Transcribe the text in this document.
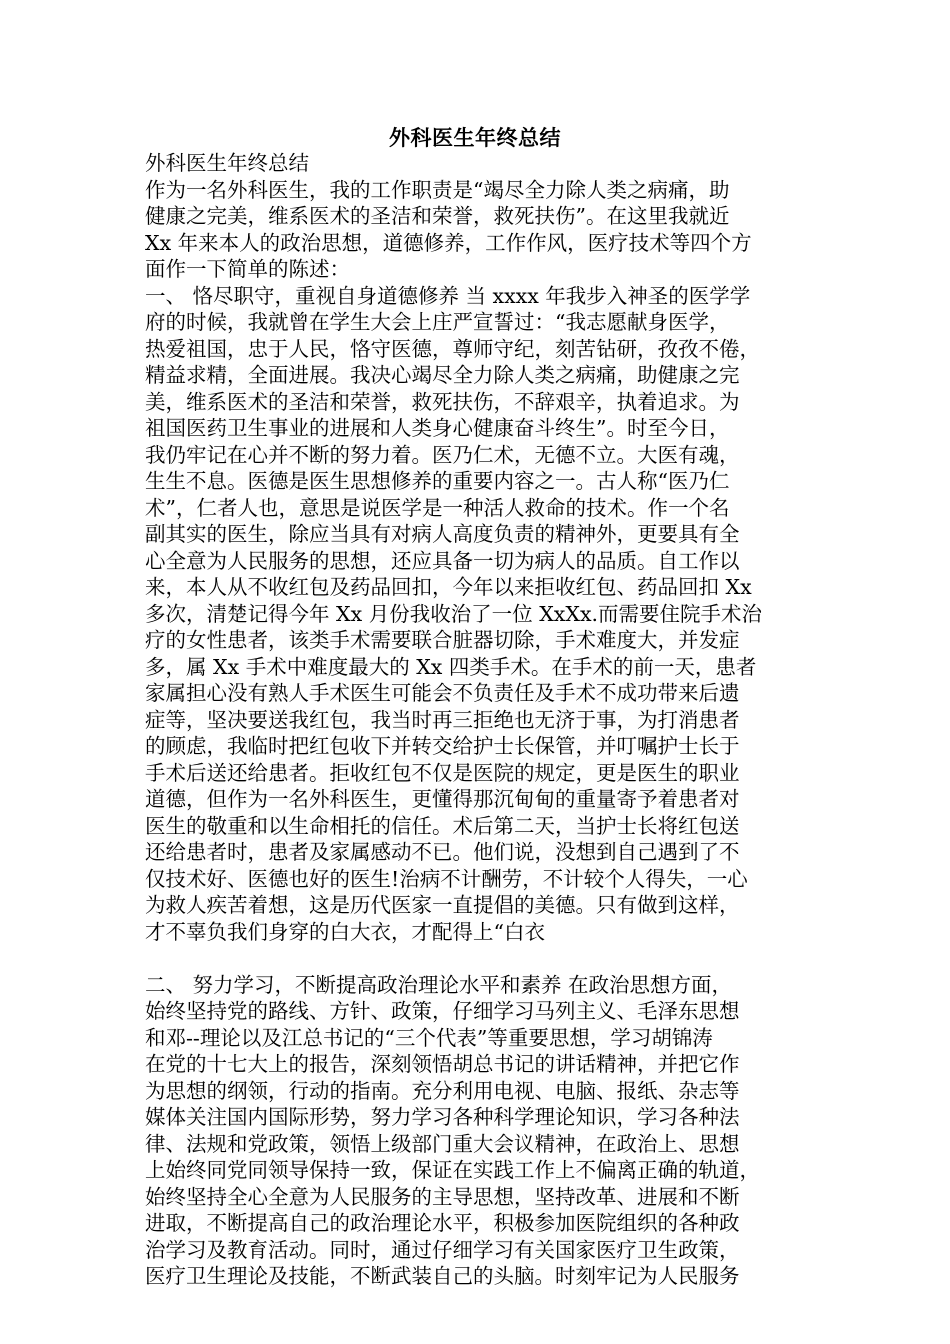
外科医生年终总结
外科医生年终总结
作为一名外科医生，我的工作职责是“竭尽全力除人类之病痛，助
健康之完美，维系医术的圣洁和荣誉，救死扶伤”。在这里我就近
Xx 年来本人的政治思想，道德修养，工作作风，医疗技术等四个方
面作一下简单的陈述：
一、 恪尽职守，重视自身道德修养 当 xxxx 年我步入神圣的医学学
府的时候，我就曾在学生大会上庄严宣誓过：“我志愿献身医学，
热爱祖国，忠于人民，恪守医德，尊师守纪，刻苦钻研，孜孜不倦，
精益求精，全面进展。我决心竭尽全力除人类之病痛，助健康之完
美，维系医术的圣洁和荣誉，救死扶伤，不辞艰辛，执着追求。为
祖国医药卫生事业的进展和人类身心健康奋斗终生”。时至今日，
我仍牢记在心并不断的努力着。医乃仁术，无德不立。大医有魂，
生生不息。医德是医生思想修养的重要内容之一。古人称“医乃仁
术”，仁者人也，意思是说医学是一种活人救命的技术。作一个名
副其实的医生，除应当具有对病人高度负责的精神外，更要具有全
心全意为人民服务的思想，还应具备一切为病人的品质。自工作以
来，本人从不收红包及药品回扣，今年以来拒收红包、药品回扣 Xx
多次，清楚记得今年 Xx 月份我收治了一位 XxXx.而需要住院手术治
疗的女性患者，该类手术需要联合脏器切除，手术难度大，并发症
多，属 Xx 手术中难度最大的 Xx 四类手术。在手术的前一天，患者
家属担心没有熟人手术医生可能会不负责任及手术不成功带来后遗
症等，坚决要送我红包，我当时再三拒绝也无济于事，为打消患者
的顾虑，我临时把红包收下并转交给护士长保管，并叮嘱护士长于
手术后送还给患者。拒收红包不仅是医院的规定，更是医生的职业
道德，但作为一名外科医生，更懂得那沉甸甸的重量寄予着患者对
医生的敬重和以生命相托的信任。术后第二天，当护士长将红包送
还给患者时，患者及家属感动不已。他们说，没想到自己遇到了不
仅技术好、医德也好的医生!治病不计酬劳，不计较个人得失，一心
为救人疾苦着想，这是历代医家一直提倡的美德。只有做到这样，
才不辜负我们身穿的白大衣，才配得上“白衣
二、 努力学习，不断提高政治理论水平和素养 在政治思想方面，
始终坚持党的路线、方针、政策，仔细学习马列主义、毛泽东思想
和邓--理论以及江总书记的“三个代表”等重要思想，学习胡锦涛
在党的十七大上的报告，深刻领悟胡总书记的讲话精神，并把它作
为思想的纲领，行动的指南。充分利用电视、电脑、报纸、杂志等
媒体关注国内国际形势，努力学习各种科学理论知识，学习各种法
律、法规和党政策，领悟上级部门重大会议精神，在政治上、思想
上始终同党同领导保持一致，保证在实践工作上不偏离正确的轨道，
始终坚持全心全意为人民服务的主导思想，坚持改革、进展和不断
进取，不断提高自己的政治理论水平，积极参加医院组织的各种政
治学习及教育活动。同时，通过仔细学习有关国家医疗卫生政策，
医疗卫生理论及技能，不断武装自己的头脑。时刻牢记为人民服务
